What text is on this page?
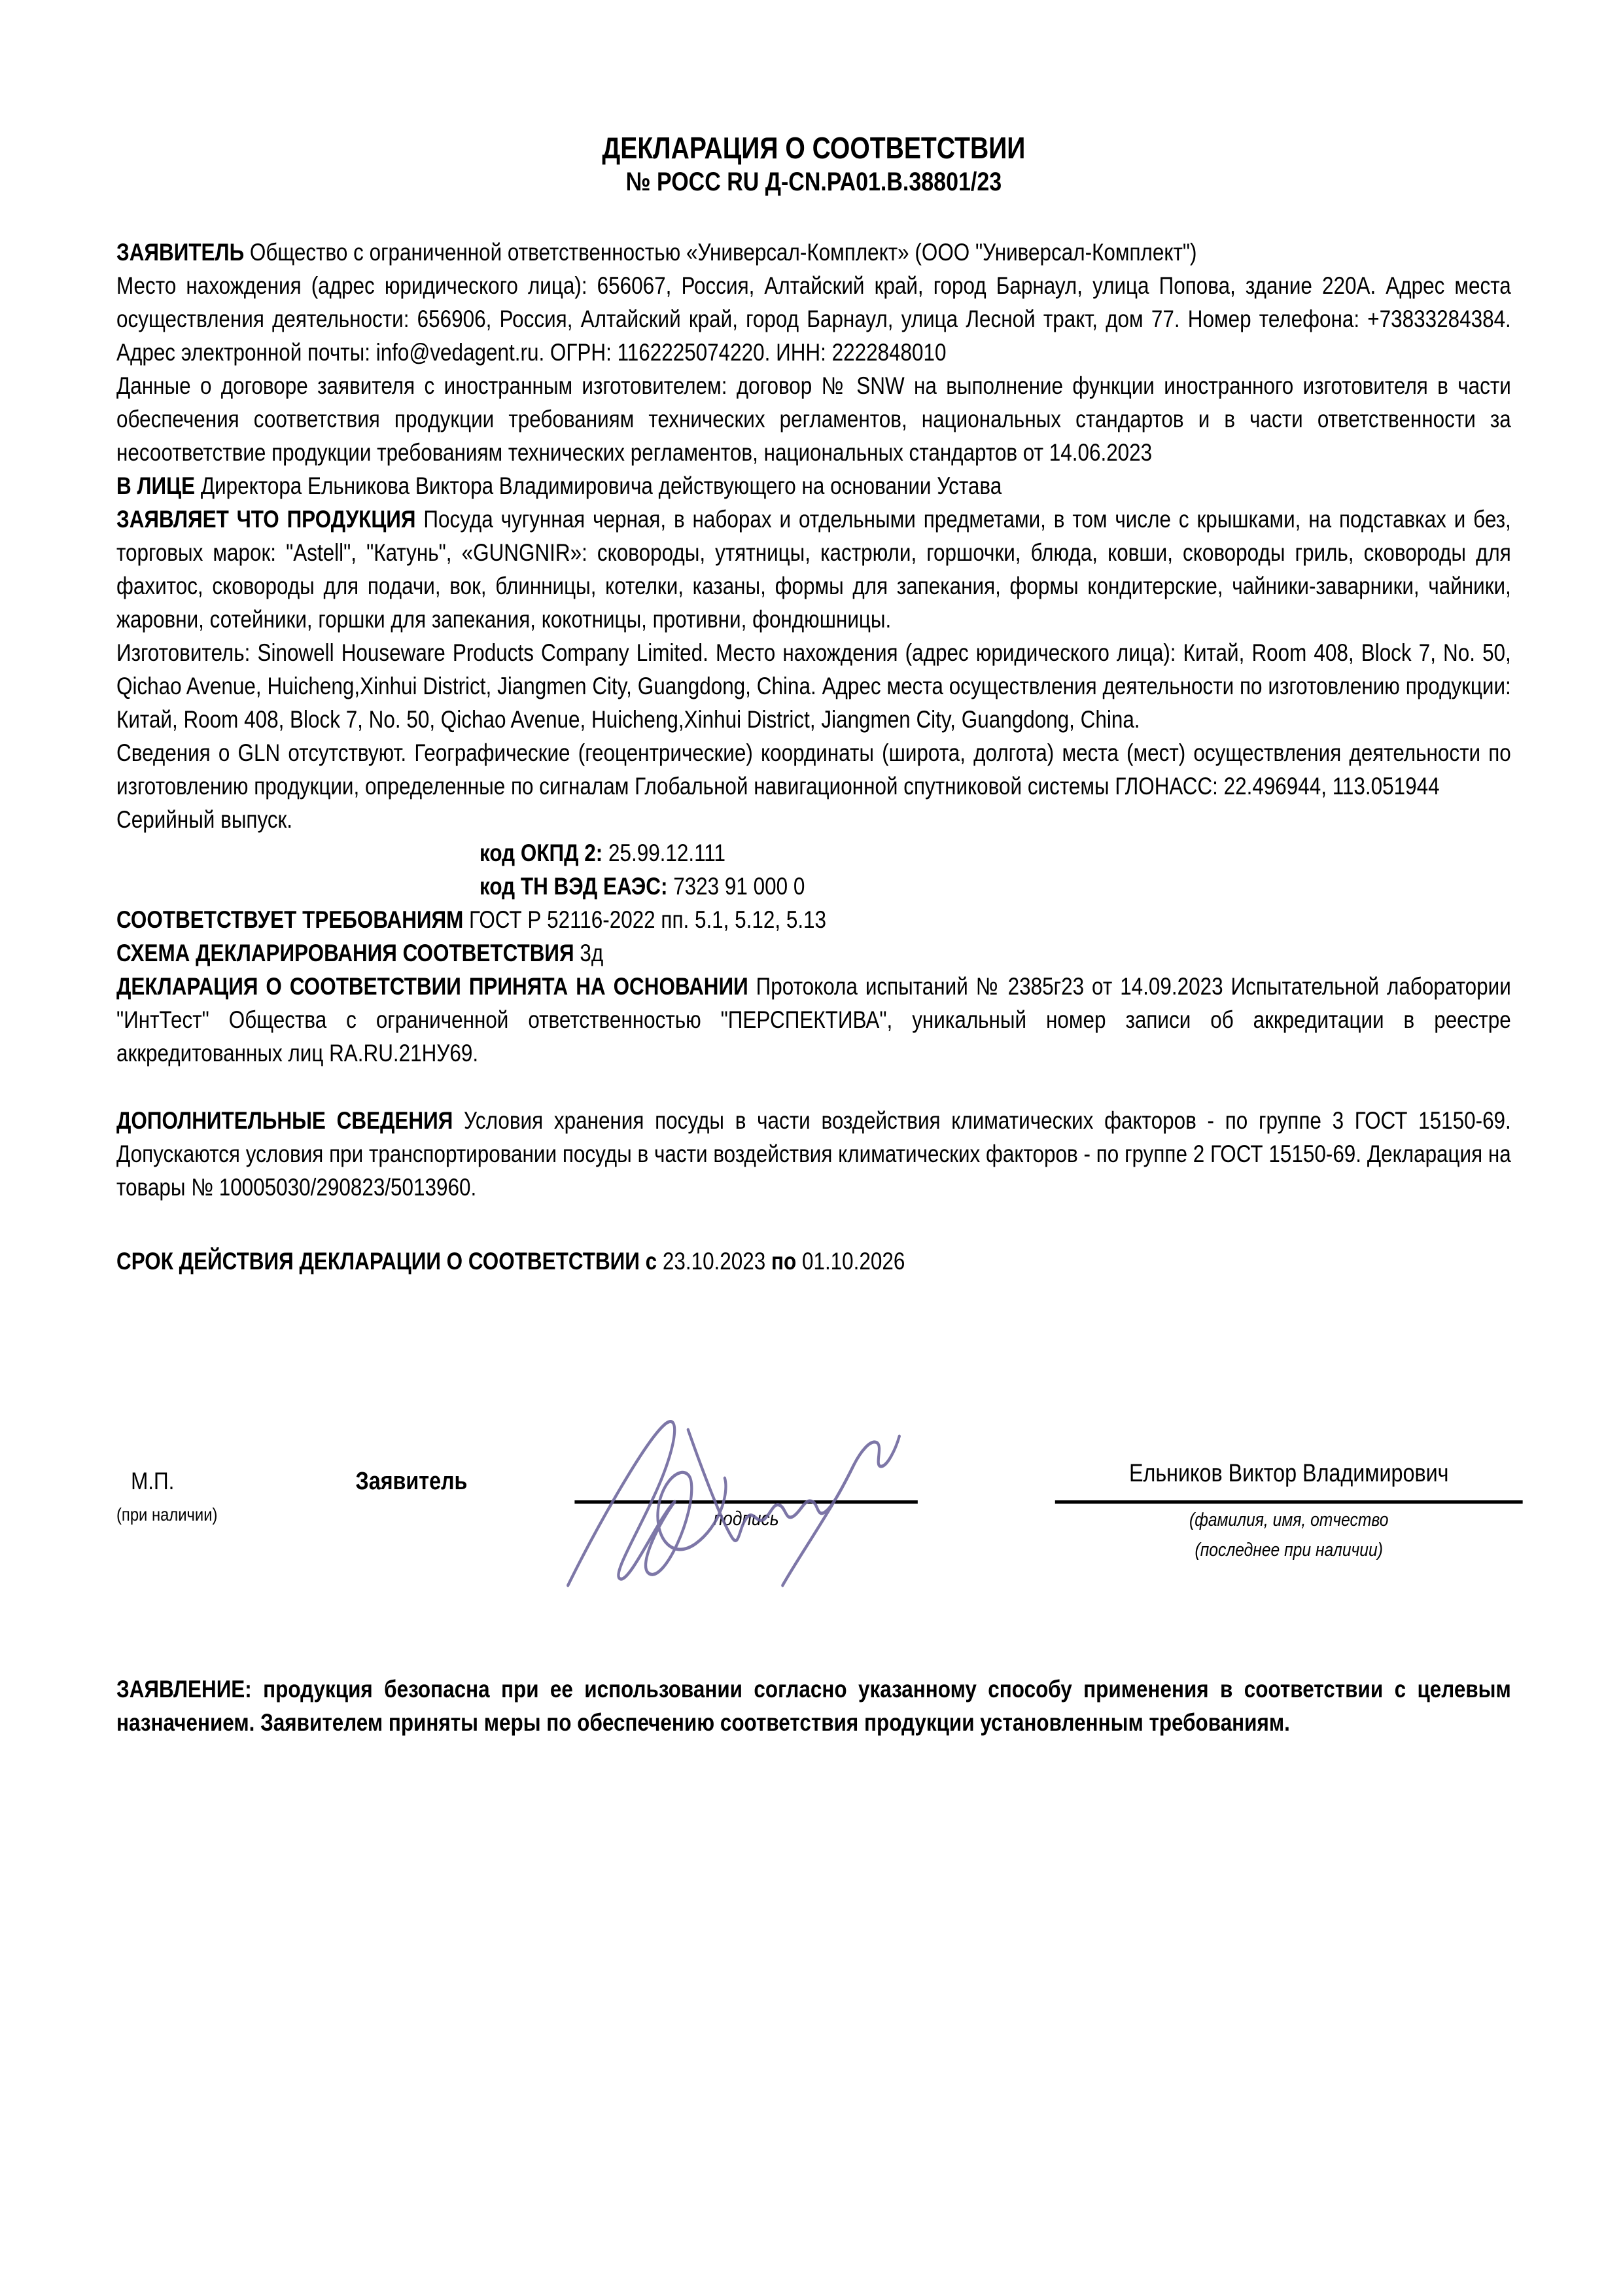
ДЕКЛАРАЦИЯ О СООТВЕТСТВИИ

№ РОСС RU Д-CN.РА01.В.38801/23

ЗАЯВИТЕЛЬ Общество с ограниченной ответственностью «Универсал-Комплект» (ООО "Универсал-Комплект")

Место нахождения (адрес юридического лица): 656067, Россия, Алтайский край, город Барнаул, улица Попова, здание 220А. Адрес места осуществления деятельности: 656906, Россия, Алтайский край, город Барнаул, улица Лесной тракт, дом 77. Номер телефона: +73833284384. Адрес электронной почты: info@vedagent.ru. ОГРН: 1162225074220. ИНН: 2222848010

Данные о договоре заявителя с иностранным изготовителем: договор № SNW на выполнение функции иностранного изготовителя в части обеспечения соответствия продукции требованиям технических регламентов, национальных стандартов и в части ответственности за несоответствие продукции требованиям технических регламентов, национальных стандартов от 14.06.2023

В ЛИЦЕ Директора Ельникова Виктора Владимировича действующего на основании Устава

ЗАЯВЛЯЕТ ЧТО ПРОДУКЦИЯ Посуда чугунная черная, в наборах и отдельными предметами, в том числе с крышками, на подставках и без, торговых марок: "Astell", "Катунь", «GUNGNIR»: сковороды, утятницы, кастрюли, горшочки, блюда, ковши, сковороды гриль, сковороды для фахитос, сковороды для подачи, вок, блинницы, котелки, казаны, формы для запекания, формы кондитерские, чайники-заварники, чайники, жаровни, сотейники, горшки для запекания, кокотницы, противни, фондюшницы.

Изготовитель: Sinowell Houseware Products Company Limited. Место нахождения (адрес юридического лица): Китай, Room 408, Block 7, No. 50, Qichao Avenue, Huicheng,Xinhui District, Jiangmen City, Guangdong, China. Адрес места осуществления деятельности по изготовлению продукции: Китай, Room 408, Block 7, No. 50, Qichao Avenue, Huicheng,Xinhui District, Jiangmen City, Guangdong, China.

Сведения о GLN отсутствуют. Географические (геоцентрические) координаты (широта, долгота) места (мест) осуществления деятельности по изготовлению продукции, определенные по сигналам Глобальной навигационной спутниковой системы ГЛОНАСС: 22.496944, 113.051944

Серийный выпуск.

код ОКПД 2: 25.99.12.111

код ТН ВЭД ЕАЭС: 7323 91 000 0

СООТВЕТСТВУЕТ ТРЕБОВАНИЯМ ГОСТ Р 52116-2022 пп. 5.1, 5.12, 5.13

СХЕМА ДЕКЛАРИРОВАНИЯ СООТВЕТСТВИЯ 3д

ДЕКЛАРАЦИЯ О СООТВЕТСТВИИ ПРИНЯТА НА ОСНОВАНИИ Протокола испытаний № 2385г23 от 14.09.2023 Испытательной лаборатории "ИнтТест" Общества с ограниченной ответственностью "ПЕРСПЕКТИВА", уникальный номер записи об аккредитации в реестре аккредитованных лиц RA.RU.21НУ69.

ДОПОЛНИТЕЛЬНЫЕ СВЕДЕНИЯ Условия хранения посуды в части воздействия климатических факторов - по группе 3 ГОСТ 15150-69. Допускаются условия при транспортировании посуды в части воздействия климатических факторов - по группе 2 ГОСТ 15150-69. Декларация на товары № 10005030/290823/5013960.

СРОК ДЕЙСТВИЯ ДЕКЛАРАЦИИ О СООТВЕТСТВИИ с 23.10.2023 по 01.10.2026

М.П.
(при наличии)
Заявитель
подпись
Ельников Виктор Владимирович
(фамилия, имя, отчество
(последнее при наличии)

ЗАЯВЛЕНИЕ: продукция безопасна при ее использовании согласно указанному способу применения в соответствии с целевым назначением. Заявителем приняты меры по обеспечению соответствия продукции установленным требованиям.
